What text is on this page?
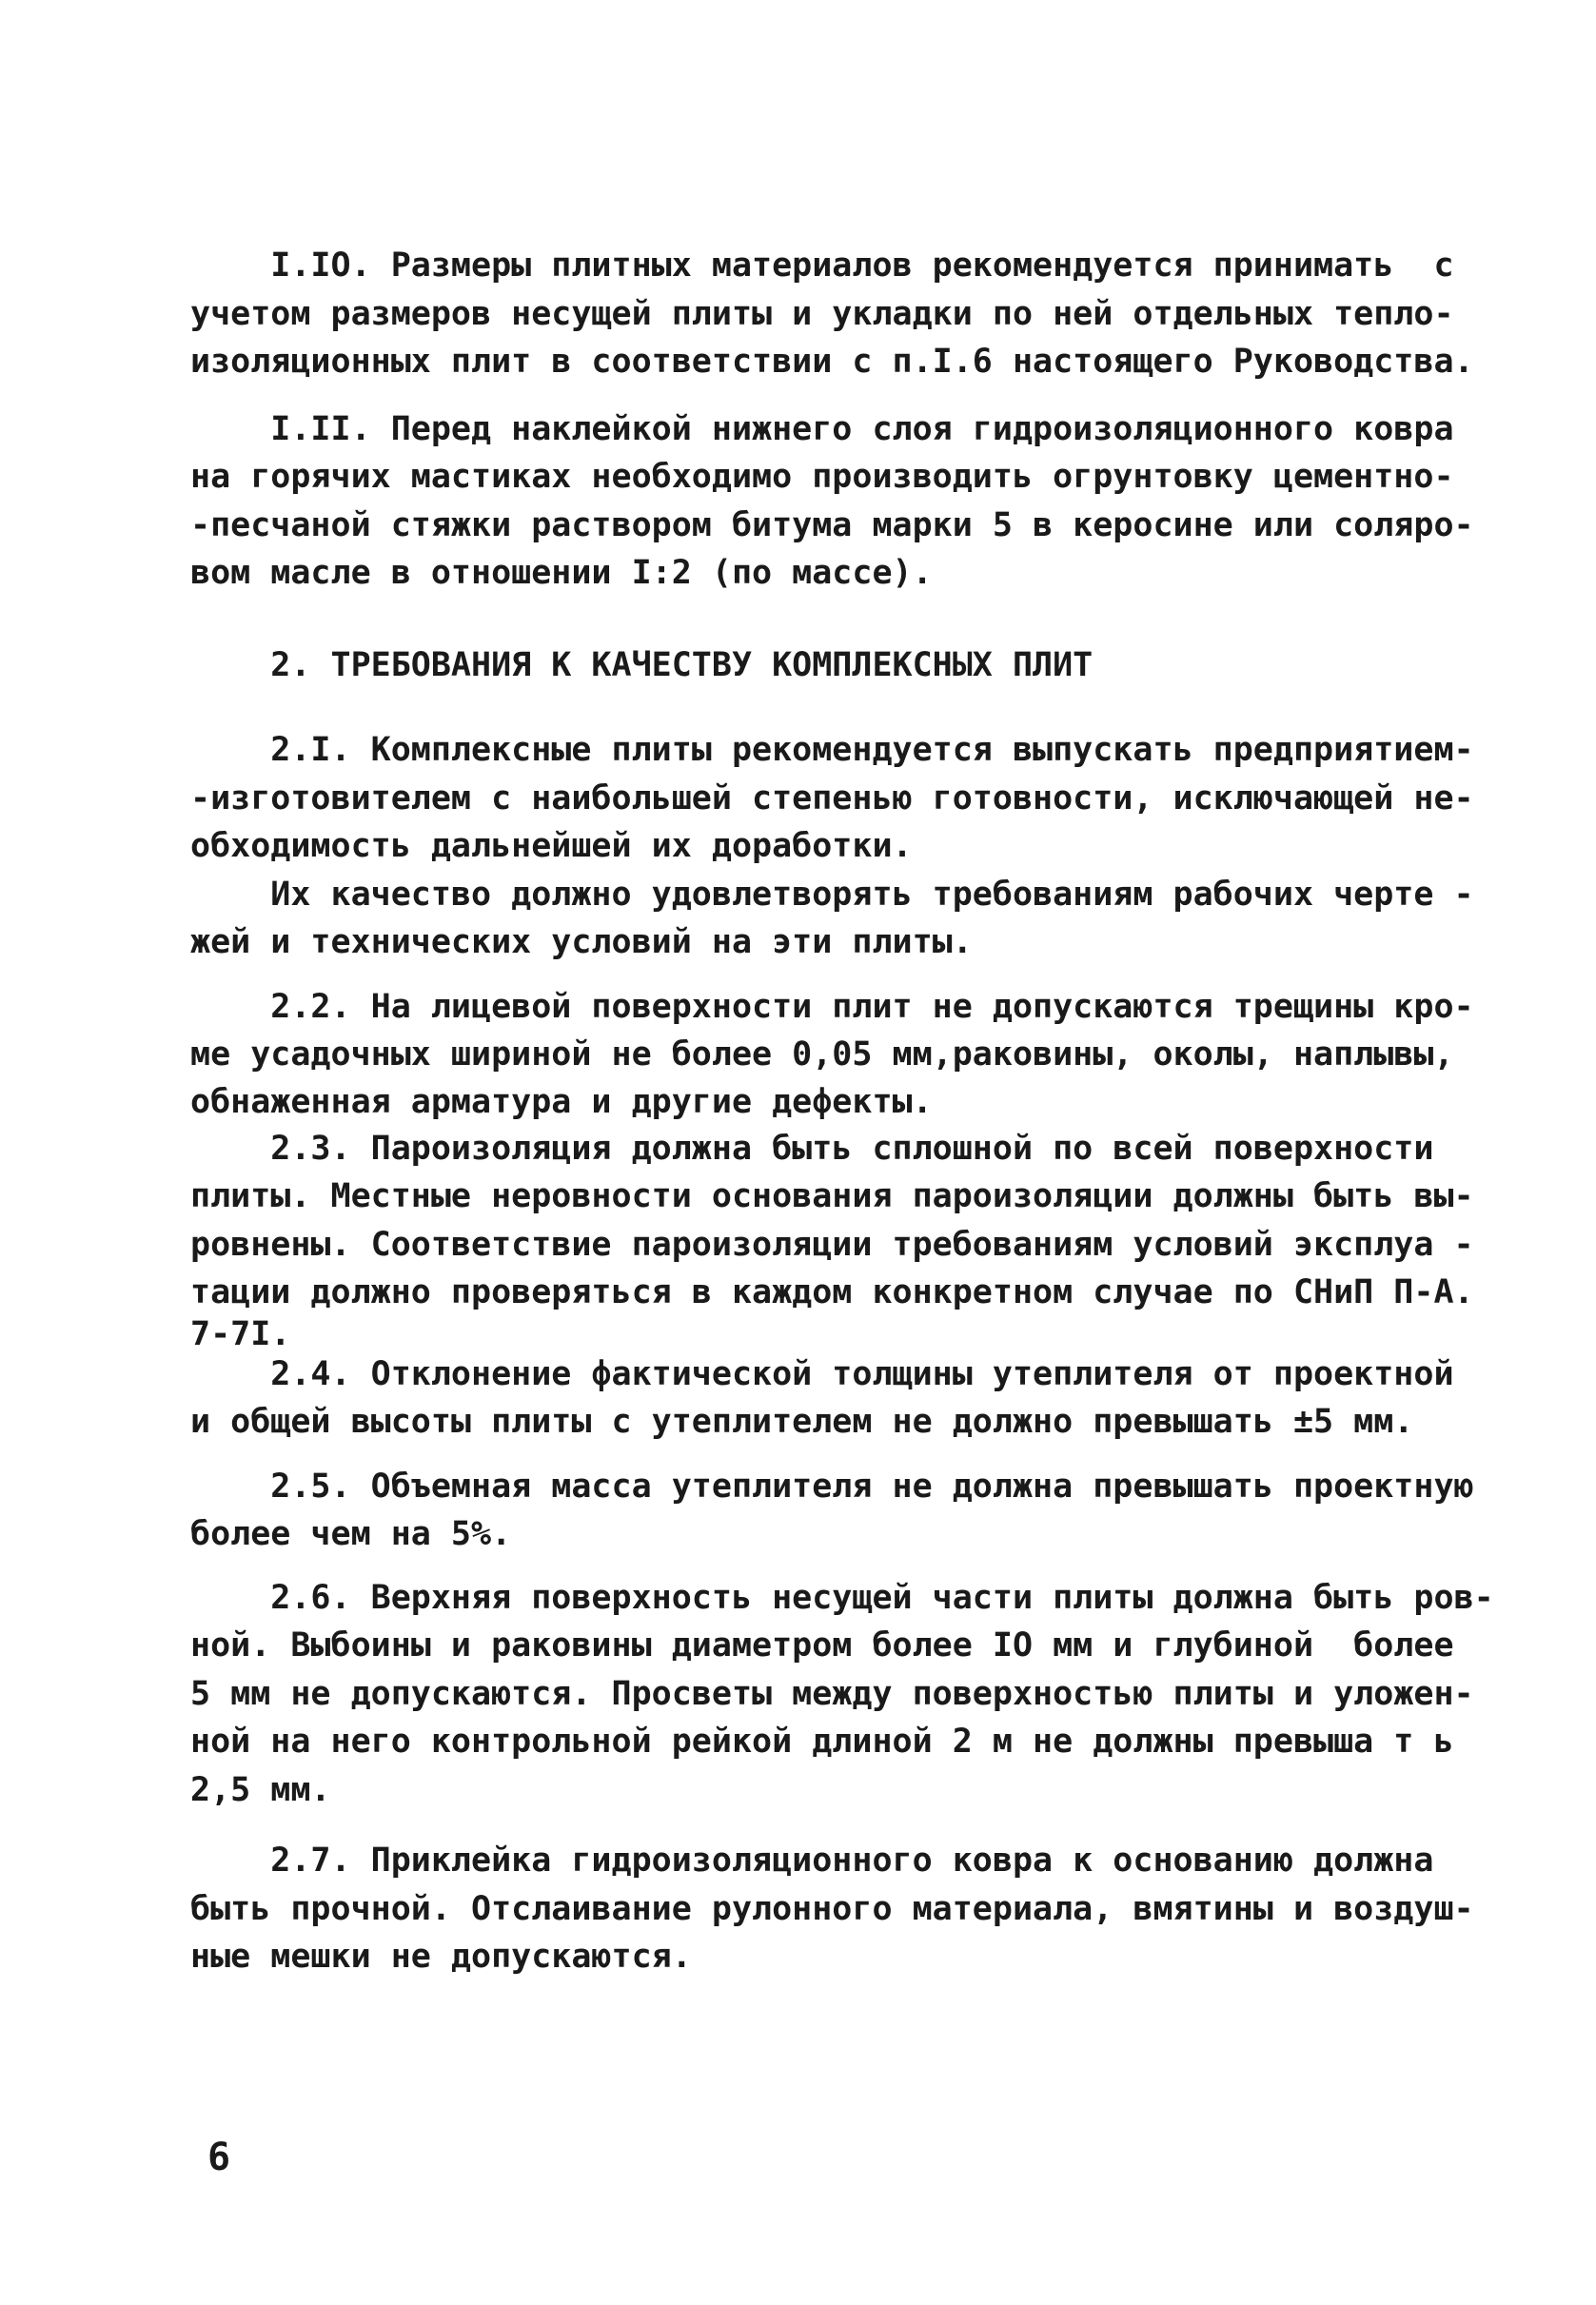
I.IO. Размеры плитных материалов рекомендуется принимать  с
учетом размеров несущей плиты и укладки по ней отдельных тепло-
изоляционных плит в соответствии с п.I.6 настоящего Руководства.
I.II. Перед наклейкой нижнего слоя гидроизоляционного ковра
на горячих мастиках необходимо производить огрунтовку цементно-
-песчаной стяжки раствором битума марки 5 в керосине или соляро-
вом масле в отношении I:2 (по массе).
2. ТРЕБОВАНИЯ К КАЧЕСТВУ КОМПЛЕКСНЫХ ПЛИТ
2.I. Комплексные плиты рекомендуется выпускать предприятием-
-изготовителем с наибольшей степенью готовности, исключающей не-
обходимость дальнейшей их доработки.
Их качество должно удовлетворять требованиям рабочих черте -
жей и технических условий на эти плиты.
2.2. На лицевой поверхности плит не допускаются трещины кро-
ме усадочных шириной не более 0,05 мм,раковины, околы, наплывы,
обнаженная арматура и другие дефекты.
2.3. Пароизоляция должна быть сплошной по всей поверхности
плиты. Местные неровности основания пароизоляции должны быть вы-
ровнены. Соответствие пароизоляции требованиям условий эксплуа -
тации должно проверяться в каждом конкретном случае по СНиП П-А.
7-7I.
2.4. Отклонение фактической толщины утеплителя от проектной
и общей высоты плиты с утеплителем не должно превышать ±5 мм.
2.5. Объемная масса утеплителя не должна превышать проектную
более чем на 5%.
2.6. Верхняя поверхность несущей части плиты должна быть ров-
ной. Выбоины и раковины диаметром более IO мм и глубиной  более
5 мм не допускаются. Просветы между поверхностью плиты и уложен-
ной на него контрольной рейкой длиной 2 м не должны превыша т ь
2,5 мм.
2.7. Приклейка гидроизоляционного ковра к основанию должна
быть прочной. Отслаивание рулонного материала, вмятины и воздуш-
ные мешки не допускаются.
6
